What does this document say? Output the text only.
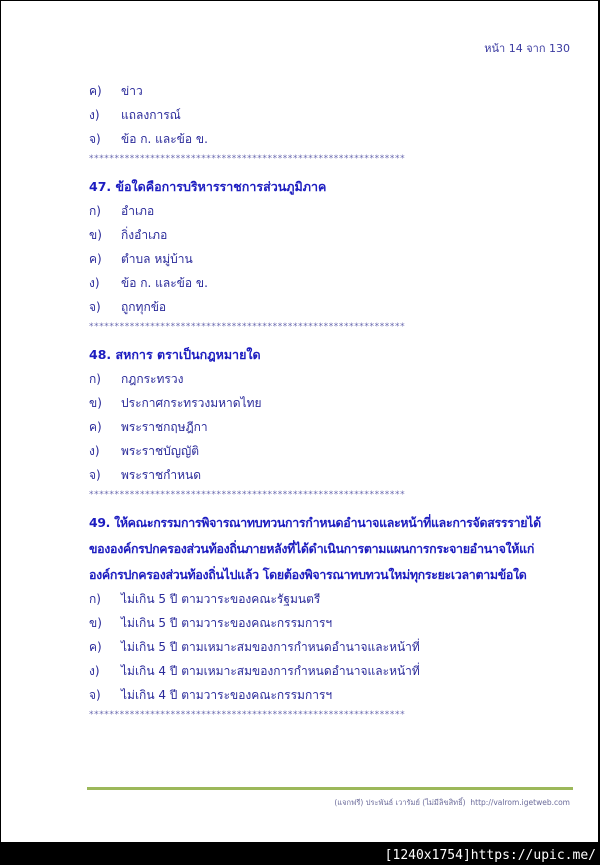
หน้า 14 จาก 130
ค) ข่าว
ง) แถลงการณ์
จ) ข้อ ก. และข้อ ข.
**************************************************************
47. ข้อใดคือการบริหารราชการส่วนภูมิภาค
ก) อำเภอ
ข) กิ่งอำเภอ
ค) ตำบล หมู่บ้าน
ง) ข้อ ก. และข้อ ข.
จ) ถูกทุกข้อ
**************************************************************
48. สหการ ตราเป็นกฎหมายใด
ก) กฎกระทรวง
ข) ประกาศกระทรวงมหาดไทย
ค) พระราชกฤษฎีกา
ง) พระราชบัญญัติ
จ) พระราชกำหนด
**************************************************************
49. ให้คณะกรรมการพิจารณาทบทวนการกำหนดอำนาจและหน้าที่และการจัดสรรรายได้
ขององค์กรปกครองส่วนท้องถิ่นภายหลังที่ได้ดำเนินการตามแผนการกระจายอำนาจให้แก่
องค์กรปกครองส่วนท้องถิ่นไปแล้ว โดยต้องพิจารณาทบทวนใหม่ทุกระยะเวลาตามข้อใด
ก) ไม่เกิน 5 ปี ตามวาระของคณะรัฐมนตรี
ข) ไม่เกิน 5 ปี ตามวาระของคณะกรรมการฯ
ค) ไม่เกิน 5 ปี ตามเหมาะสมของการกำหนดอำนาจและหน้าที่
ง) ไม่เกิน 4 ปี ตามเหมาะสมของการกำหนดอำนาจและหน้าที่
จ) ไม่เกิน 4 ปี ตามวาระของคณะกรรมการฯ
**************************************************************
(แจกฟรี) ประพันธ์ เวารัมย์ (ไม่มีลิขสิทธิ์) http://valrom.igetweb.com
[1240x1754]https://upic.me/
